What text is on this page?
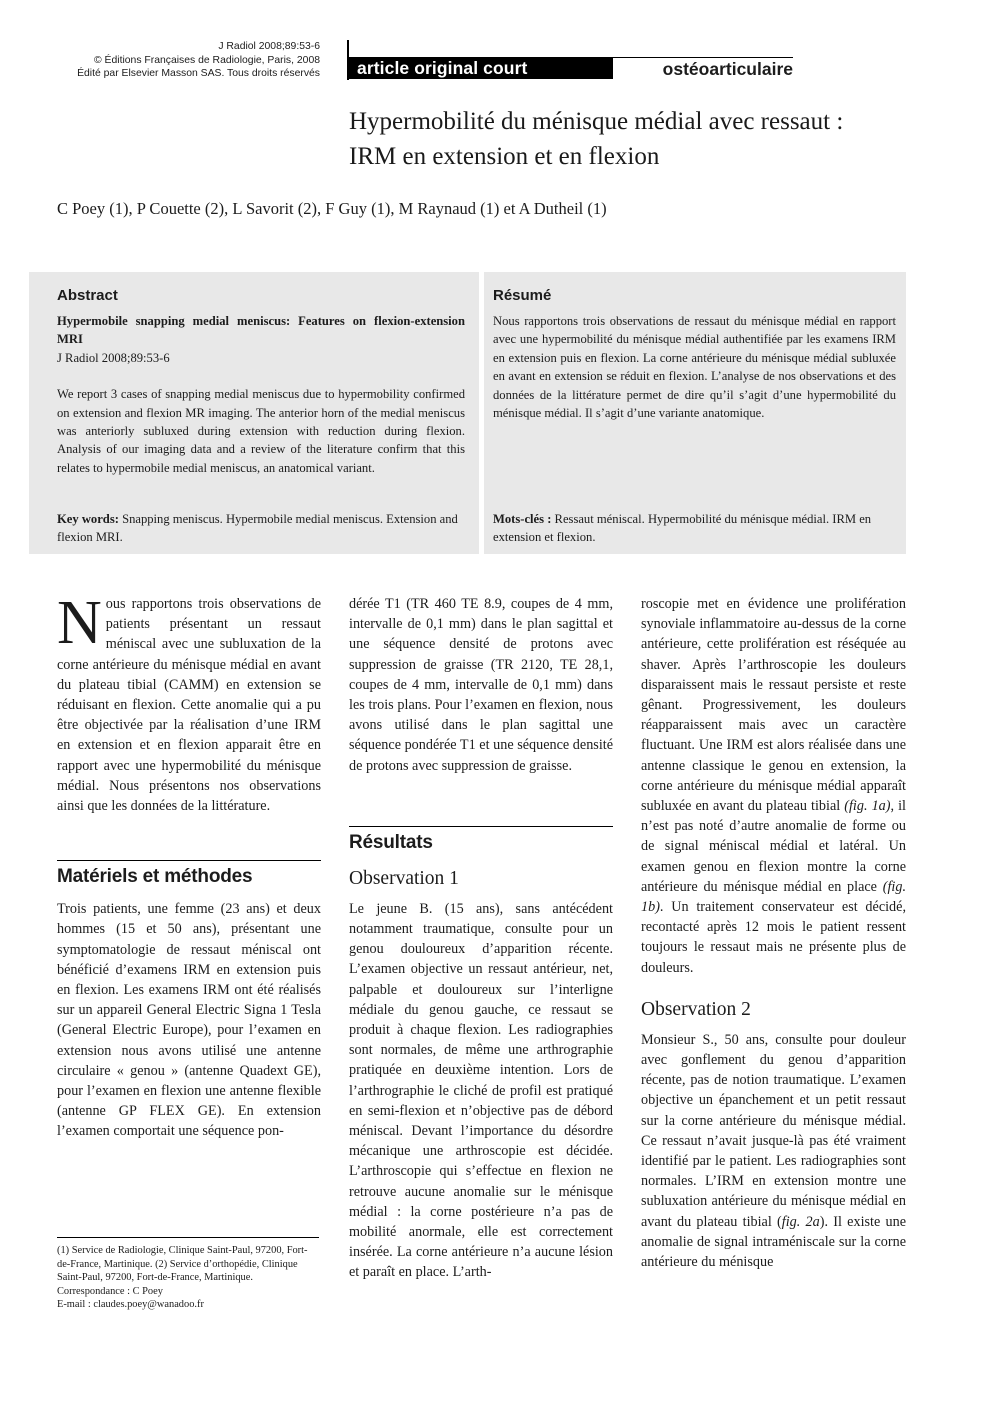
J Radiol 2008;89:53-6
© Éditions Françaises de Radiologie, Paris, 2008
Édité par Elsevier Masson SAS. Tous droits réservés	article original court	ostéoarticulaire
Hypermobilité du ménisque médial avec ressaut :
IRM en extension et en flexion
C Poey (1), P Couette (2), L Savorit (2), F Guy (1), M Raynaud (1) et A Dutheil (1)
Abstract
Hypermobile snapping medial meniscus: Features on flexion-extension MRI
J Radiol 2008;89:53-6
We report 3 cases of snapping medial meniscus due to hypermobility confirmed on extension and flexion MR imaging. The anterior horn of the medial meniscus was anteriorly subluxed during extension with reduction during flexion. Analysis of our imaging data and a review of the literature confirm that this relates to hypermobile medial meniscus, an anatomical variant.
Key words: Snapping meniscus. Hypermobile medial meniscus. Extension and flexion MRI.
Résumé
Nous rapportons trois observations de ressaut du ménisque médial en rapport avec une hypermobilité du ménisque médial authentifiée par les examens IRM en extension puis en flexion. La corne antérieure du ménisque médial subluxée en avant en extension se réduit en flexion. L’analyse de nos observations et des données de la littérature permet de dire qu’il s’agit d’une hypermobilité du ménisque médial. Il s’agit d’une variante anatomique.
Mots-clés : Ressaut méniscal. Hypermobilité du ménisque médial. IRM en extension et flexion.

Nous rapportons trois observations de patients présentant un ressaut méniscal avec une subluxation de la corne antérieure du ménisque médial en avant du plateau tibial (CAMM) en extension se réduisant en flexion. Cette anomalie qui a pu être objectivée par la réalisation d’une IRM en extension et en flexion apparait être en rapport avec une hypermobilité du ménisque médial. Nous présentons nos observations ainsi que les données de la littérature.

Matériels et méthodes

Trois patients, une femme (23 ans) et deux hommes (15 et 50 ans), présentant une symptomatologie de ressaut méniscal ont bénéficié d’examens IRM en extension puis en flexion. Les examens IRM ont été réalisés sur un appareil General Electric Signa 1 Tesla (General Electric Europe), pour l’examen en extension nous avons utilisé une antenne circulaire « genou » (antenne Quadext GE), pour l’examen en flexion une antenne flexible (antenne GP FLEX GE). En extension l’examen comportait une séquence pon-

(1) Service de Radiologie, Clinique Saint-Paul, 97200, Fort-de-France, Martinique. (2) Service d’orthopédie, Clinique Saint-Paul, 97200, Fort-de-France, Martinique.
Correspondance : C Poey
E-mail : claudes.poey@wanadoo.fr

dérée T1 (TR 460 TE 8.9, coupes de 4 mm, intervalle de 0,1 mm) dans le plan sagittal et une séquence densité de protons avec suppression de graisse (TR 2120, TE 28,1, coupes de 4 mm, intervalle de 0,1 mm) dans les trois plans. Pour l’examen en flexion, nous avons utilisé dans le plan sagittal une séquence pondérée T1 et une séquence densité de protons avec suppression de graisse.

Résultats
Observation 1

Le jeune B. (15 ans), sans antécédent notamment traumatique, consulte pour un genou douloureux d’apparition récente. L’examen objective un ressaut antérieur, net, palpable et douloureux sur l’interligne médiale du genou gauche, ce ressaut se produit à chaque flexion. Les radiographies sont normales, de même une arthrographie pratiquée en deuxième intention. Lors de l’arthrographie le cliché de profil est pratiqué en semi-flexion et n’objective pas de débord méniscal. Devant l’importance du désordre mécanique une arthroscopie est décidée. L’arthroscopie qui s’effectue en flexion ne retrouve aucune anomalie sur le ménisque médial : la corne postérieure n’a pas de mobilité anormale, elle est correctement insérée. La corne antérieure n’a aucune lésion et paraît en place. L’arth-

roscopie met en évidence une prolifération synoviale inflammatoire au-dessus de la corne antérieure, cette prolifération est réséquée au shaver. Après l’arthroscopie les douleurs disparaissent mais le ressaut persiste et reste gênant. Progressivement, les douleurs réapparaissent mais avec un caractère fluctuant. Une IRM est alors réalisée dans une antenne classique le genou en extension, la corne antérieure du ménisque médial apparaît subluxée en avant du plateau tibial (fig. 1a), il n’est pas noté d’autre anomalie de forme ou de signal méniscal médial et latéral. Un examen genou en flexion montre la corne antérieure du ménisque médial en place (fig. 1b). Un traitement conservateur est décidé, recontacté après 12 mois le patient ressent toujours le ressaut mais ne présente plus de douleurs.

Observation 2

Monsieur S., 50 ans, consulte pour douleur avec gonflement du genou d’apparition récente, pas de notion traumatique. L’examen objective un épanchement et un petit ressaut sur la corne antérieure du ménisque médial. Ce ressaut n’avait jusque-là pas été vraiment identifié par le patient. Les radiographies sont normales. L’IRM en extension montre une subluxation antérieure du ménisque médial en avant du plateau tibial (fig. 2a). Il existe une anomalie de signal intraméniscale sur la corne antérieure du ménisque
